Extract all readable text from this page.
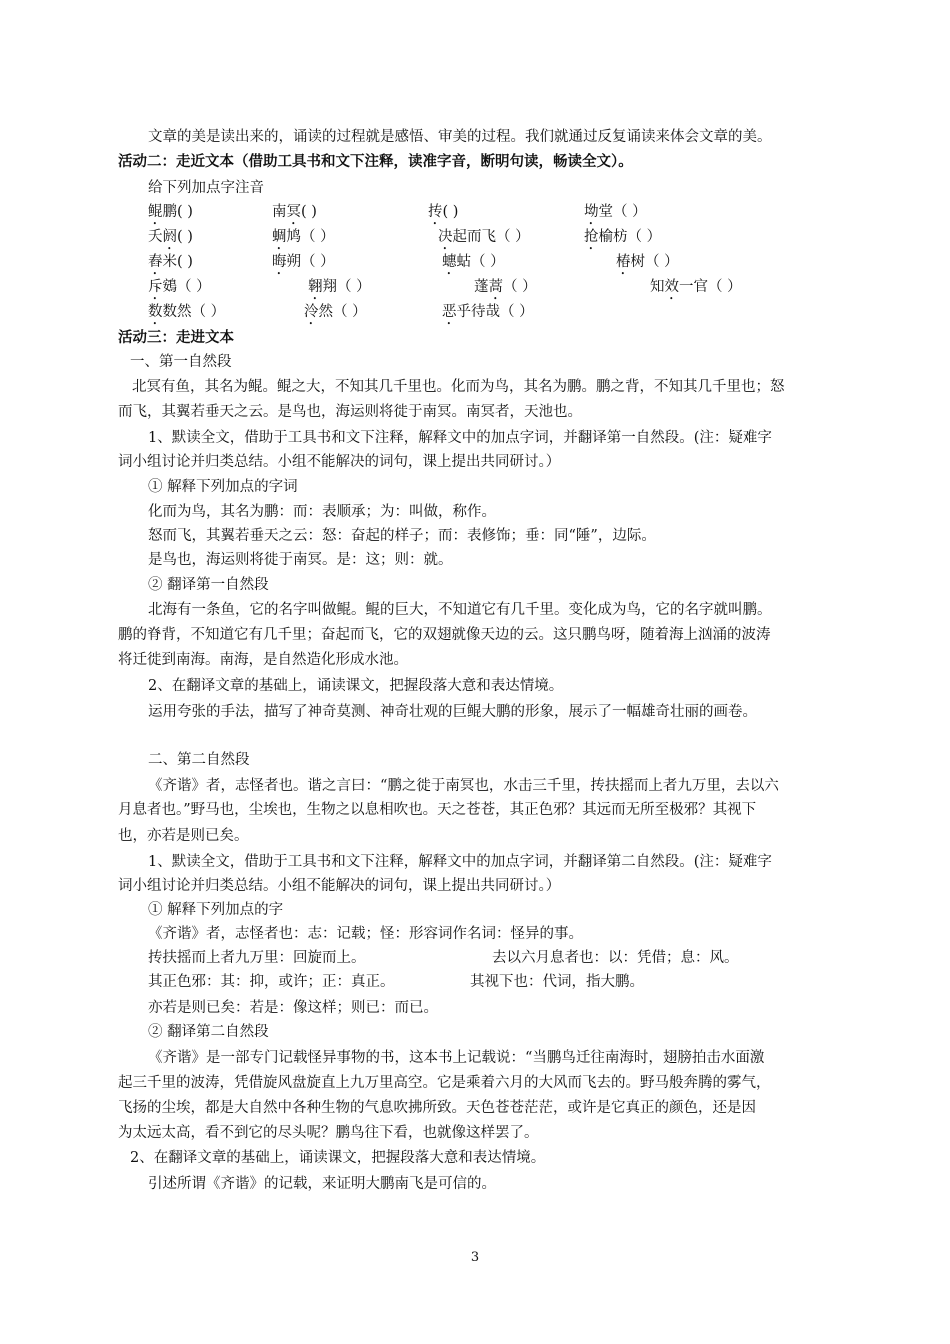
文章的美是读出来的，诵读的过程就是感悟、审美的过程。我们就通过反复诵读来体会文章的美。
活动二：走近文本（借助工具书和文下注释，读准字音，断明句读，畅读全文）。
给下列加点字注音
鲲鹏( )	南冥( )	抟( )	坳堂（ ）
夭阏( )	蜩鸠（ ）	决起而飞（ ）	抢榆枋（ ）
舂米( )	晦朔（ ）	蟪蛄（ ）	椿树（ ）
斥鴳（ ）	翱翔（ ）	蓬蒿（ ）	知效一官（ ）
数数然（ ）	泠然（ ）	恶乎待哉（ ）
活动三：走进文本
一、第一自然段
北冥有鱼，其名为鲲。鲲之大，不知其几千里也。化而为鸟，其名为鹏。鹏之背，不知其几千里也；怒
而飞，其翼若垂天之云。是鸟也，海运则将徙于南冥。南冥者，天池也。
1、默读全文，借助于工具书和文下注释，解释文中的加点字词，并翻译第一自然段。(注：疑难字
词小组讨论并归类总结。小组不能解决的词句，课上提出共同研讨。）
① 解释下列加点的字词
化而为鸟，其名为鹏：而：表顺承；为：叫做，称作。
怒而飞，其翼若垂天之云：怒：奋起的样子；而：表修饰；垂：同“陲”，边际。
是鸟也，海运则将徙于南冥。是：这；则：就。
② 翻译第一自然段
北海有一条鱼，它的名字叫做鲲。鲲的巨大，不知道它有几千里。变化成为鸟，它的名字就叫鹏。
鹏的脊背，不知道它有几千里；奋起而飞，它的双翅就像天边的云。这只鹏鸟呀，随着海上汹涌的波涛
将迁徙到南海。南海，是自然造化形成水池。
2、在翻译文章的基础上，诵读课文，把握段落大意和表达情境。
运用夸张的手法，描写了神奇莫测、神奇壮观的巨鲲大鹏的形象，展示了一幅雄奇壮丽的画卷。
二、第二自然段
《齐谐》者，志怪者也。谐之言曰：“鹏之徙于南冥也，水击三千里，抟扶摇而上者九万里，去以六
月息者也。”野马也，尘埃也，生物之以息相吹也。天之苍苍，其正色邪？其远而无所至极邪？其视下
也，亦若是则已矣。
1、默读全文，借助于工具书和文下注释，解释文中的加点字词，并翻译第二自然段。(注：疑难字
词小组讨论并归类总结。小组不能解决的词句，课上提出共同研讨。）
① 解释下列加点的字
《齐谐》者，志怪者也：志：记载；怪：形容词作名词：怪异的事。
抟扶摇而上者九万里：回旋而上。	去以六月息者也：以：凭借；息：风。
其正色邪：其：抑，或许；正：真正。	其视下也：代词，指大鹏。
亦若是则已矣：若是：像这样；则已：而已。
② 翻译第二自然段
《齐谐》是一部专门记载怪异事物的书，这本书上记载说：“当鹏鸟迁往南海时，翅膀拍击水面激
起三千里的波涛，凭借旋风盘旋直上九万里高空。它是乘着六月的大风而飞去的。野马般奔腾的雾气，
飞扬的尘埃，都是大自然中各种生物的气息吹拂所致。天色苍苍茫茫，或许是它真正的颜色，还是因
为太远太高，看不到它的尽头呢？鹏鸟往下看，也就像这样罢了。
2、在翻译文章的基础上，诵读课文，把握段落大意和表达情境。
引述所谓《齐谐》的记载，来证明大鹏南飞是可信的。
3
